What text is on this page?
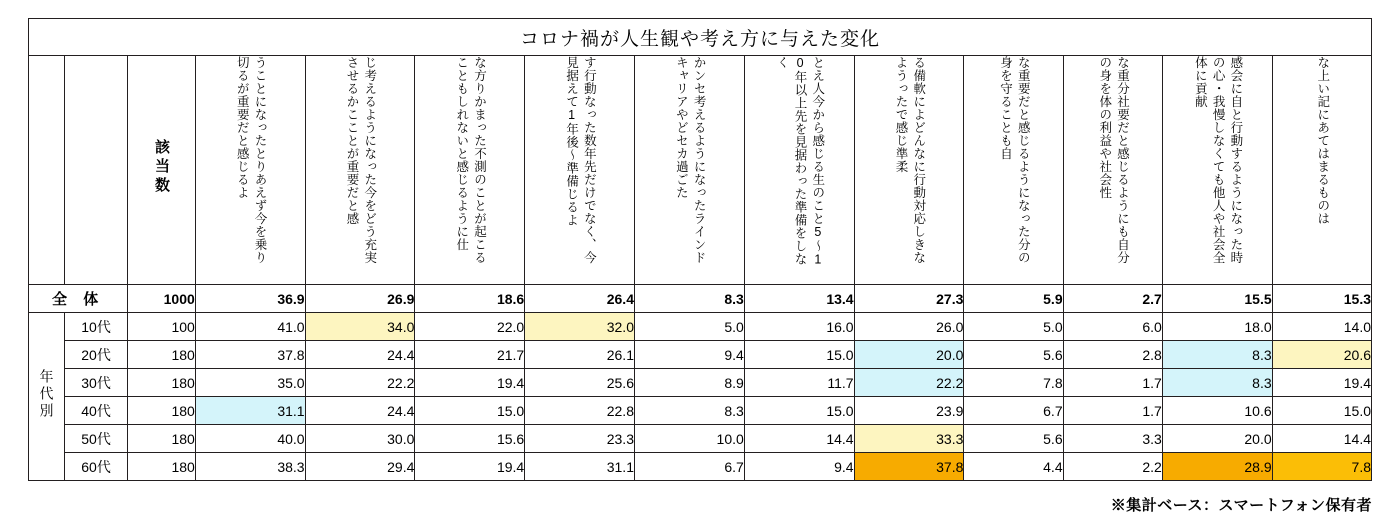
コロナ禍が人生観や考え方に与えた変化													
		該当数	うことになったとりあえず今を乗り切るが重要だと感じるよ	じ考えるようになった今をどう充実させるかこことが重要だと感	な方りかまった不測のことが起こることもしれないと感じるように仕	す行動なった数年先だけでなく、今見据えて1年後～準備じるよ	かンセ考えるようになったラインドキャリアやどセカ過ごた	とえ人今から感じる生のこと5～10年以上先を見据わった準備をしなく	る備軟によどんなに行動対応しきなようったで感じ準柔	な重要だと感じるようになった分の身を守ることも自	な重分社要だと感じるようにも自分の身を体の利益や社会性	感会に自と行動するようになった時の心・我慢しなくても他人や社会全体に貢献	な上い記にあてはまるものは
全 体		1000	36.9	26.9	18.6	26.4	8.3	13.4	27.3	5.9	2.7	15.5	15.3
年代別	10代	100	41.0	34.0	22.0	32.0	5.0	16.0	26.0	5.0	6.0	18.0	14.0
	20代	180	37.8	24.4	21.7	26.1	9.4	15.0	20.0	5.6	2.8	8.3	20.6
	30代	180	35.0	22.2	19.4	25.6	8.9	11.7	22.2	7.8	1.7	8.3	19.4
	40代	180	31.1	24.4	15.0	22.8	8.3	15.0	23.9	6.7	1.7	10.6	15.0
	50代	180	40.0	30.0	15.6	23.3	10.0	14.4	33.3	5.6	3.3	20.0	14.4
	60代	180	38.3	29.4	19.4	31.1	6.7	9.4	37.8	4.4	2.2	28.9	7.8
※集計ベース：スマートフォン保有者
